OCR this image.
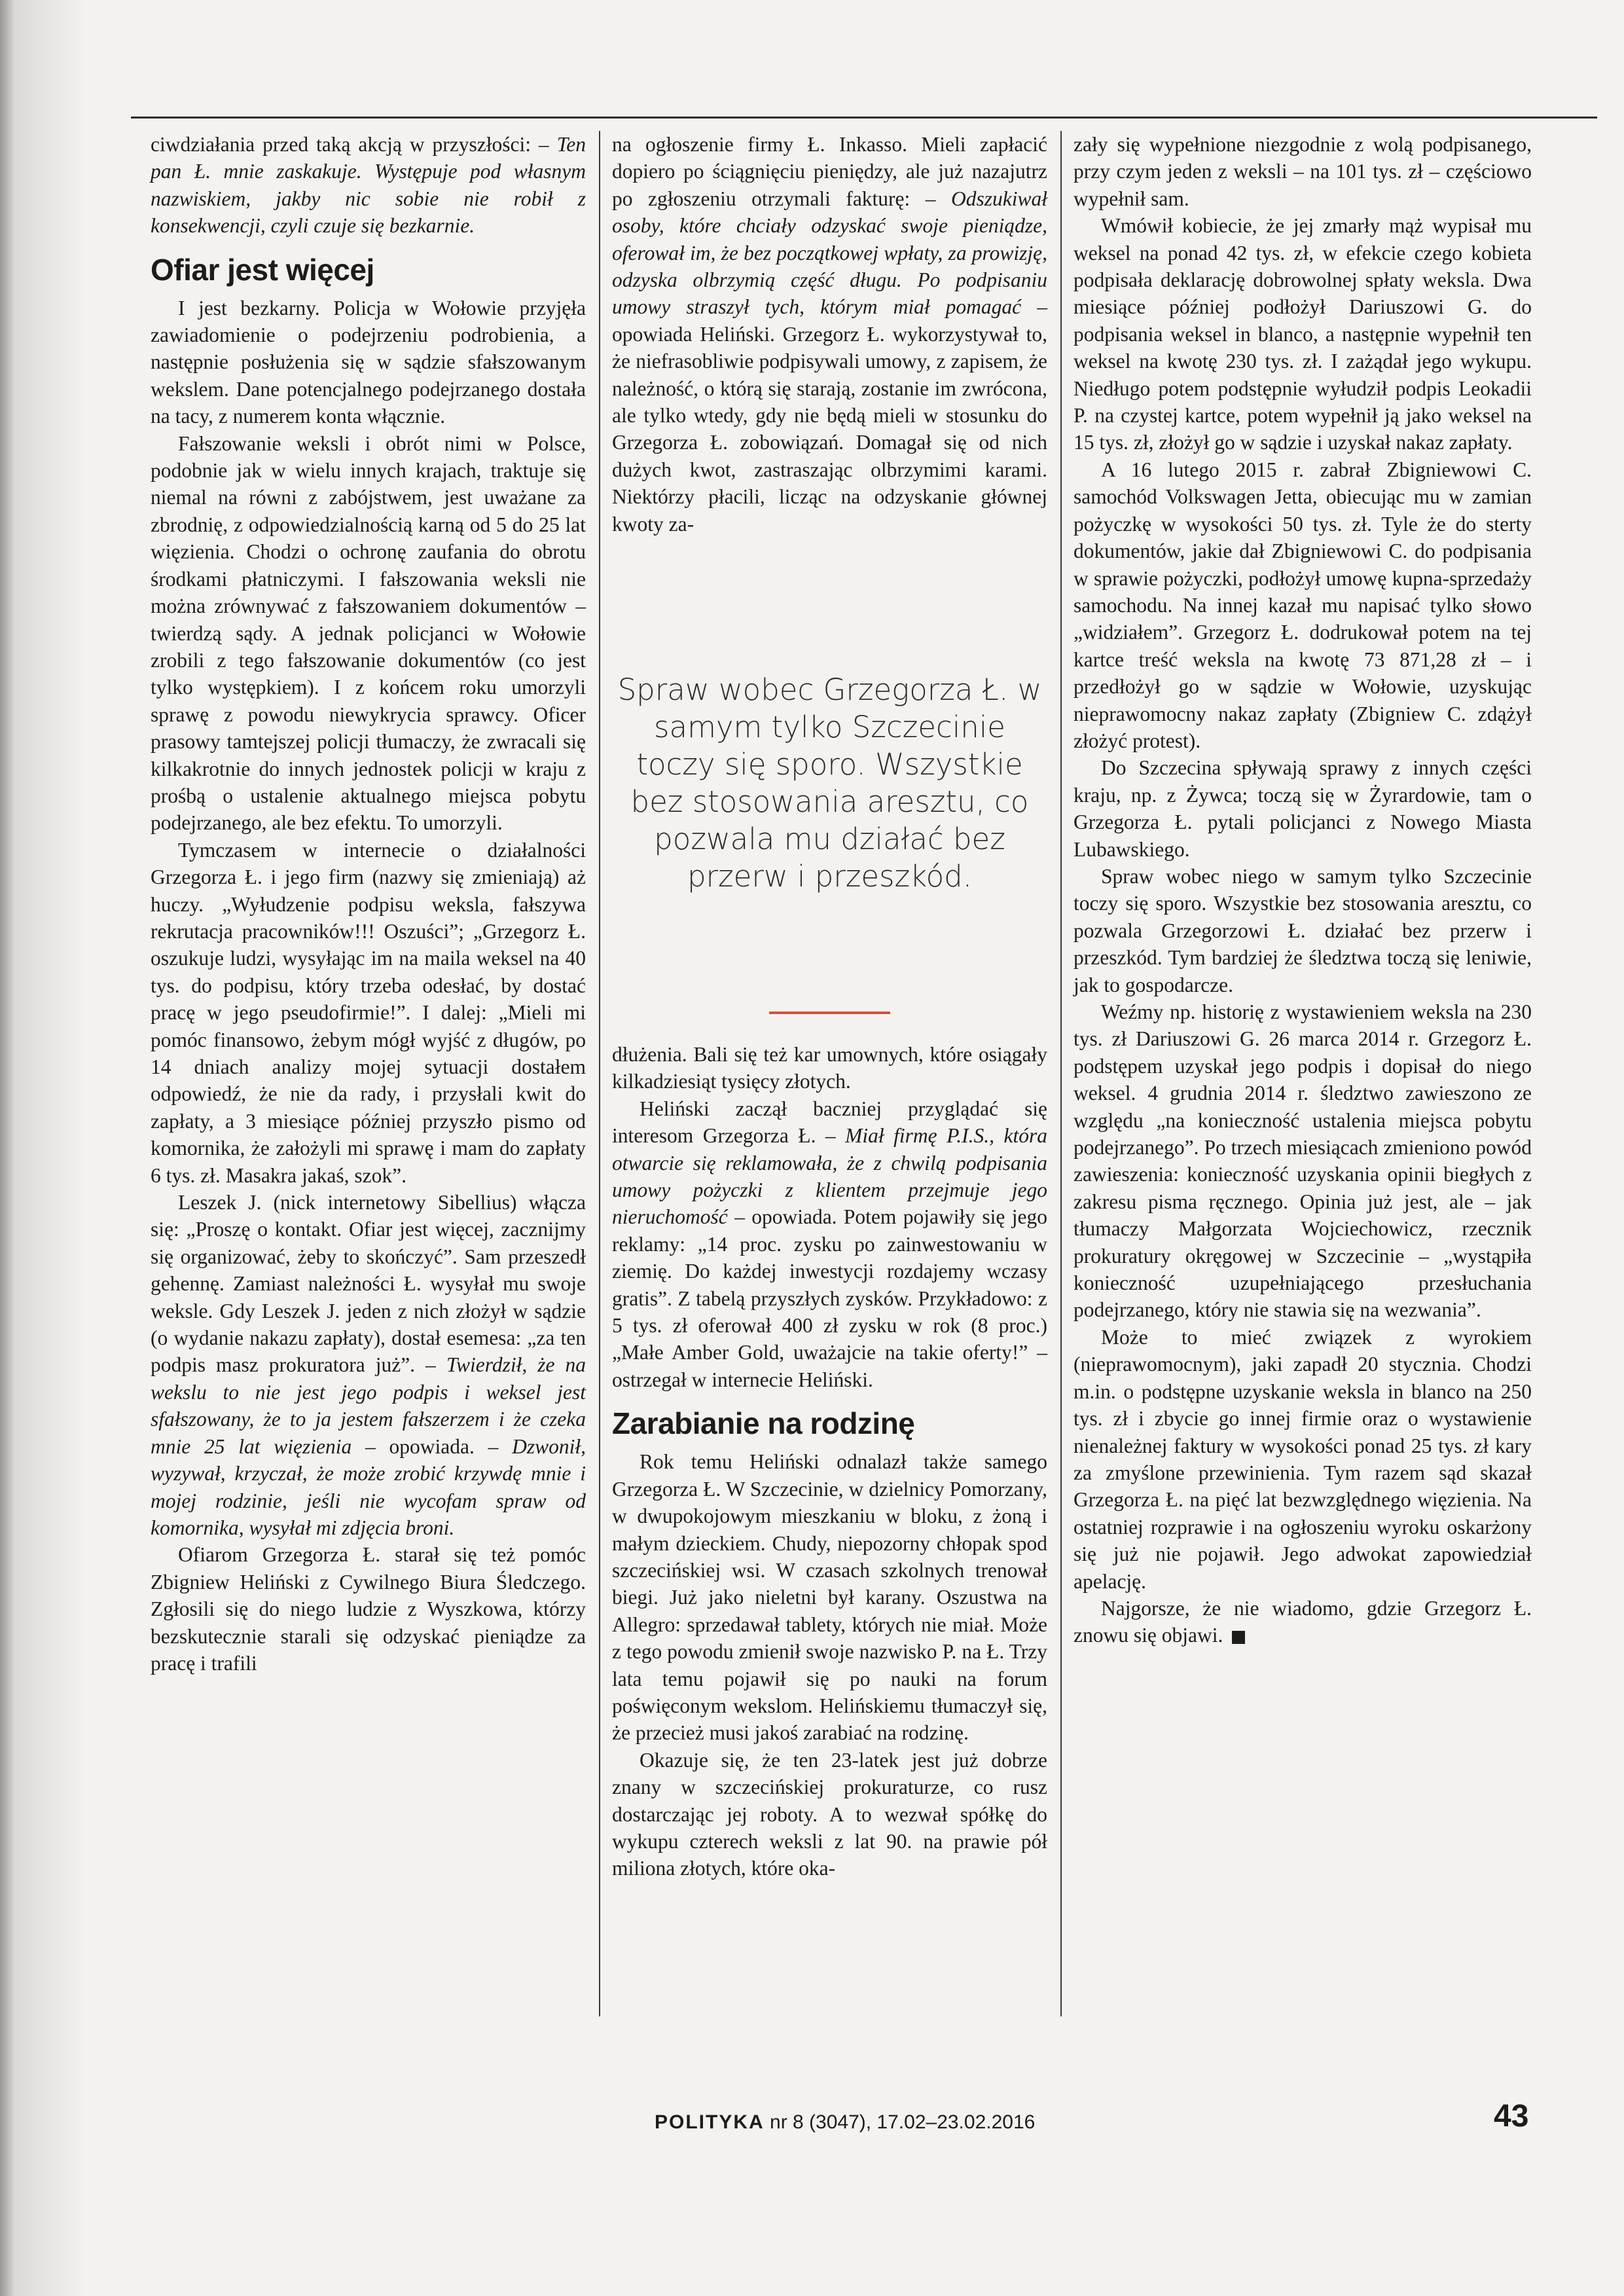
ciwdziałania przed taką akcją w przyszłości: – Ten pan Ł. mnie zaskakuje. Występuje pod własnym nazwiskiem, jakby nic sobie nie robił z konsekwencji, czyli czuje się bezkarnie.

Ofiar jest więcej

I jest bezkarny. Policja w Wołowie przyjęła zawiadomienie o podejrzeniu podrobienia, a następnie posłużenia się w sądzie sfałszowanym wekslem. Dane potencjalnego podejrzanego dostała na tacy, z numerem konta włącznie.

Fałszowanie weksli i obrót nimi w Polsce, podobnie jak w wielu innych krajach, traktuje się niemal na równi z zabójstwem, jest uważane za zbrodnię, z odpowiedzialnością karną od 5 do 25 lat więzienia. Chodzi o ochronę zaufania do obrotu środkami płatniczymi. I fałszowania weksli nie można zrównywać z fałszowaniem dokumentów – twierdzą sądy. A jednak policjanci w Wołowie zrobili z tego fałszowanie dokumentów (co jest tylko występkiem). I z końcem roku umorzyli sprawę z powodu niewykrycia sprawcy. Oficer prasowy tamtejszej policji tłumaczy, że zwracali się kilkakrotnie do innych jednostek policji w kraju z prośbą o ustalenie aktualnego miejsca pobytu podejrzanego, ale bez efektu. To umorzyli.

Tymczasem w internecie o działalności Grzegorza Ł. i jego firm (nazwy się zmieniają) aż huczy. „Wyłudzenie podpisu weksla, fałszywa rekrutacja pracowników!!! Oszuści”; „Grzegorz Ł. oszukuje ludzi, wysyłając im na maila weksel na 40 tys. do podpisu, który trzeba odesłać, by dostać pracę w jego pseudofirmie!”. I dalej: „Mieli mi pomóc finansowo, żebym mógł wyjść z długów, po 14 dniach analizy mojej sytuacji dostałem odpowiedź, że nie da rady, i przysłali kwit do zapłaty, a 3 miesiące później przyszło pismo od komornika, że założyli mi sprawę i mam do zapłaty 6 tys. zł. Masakra jakaś, szok”.

Leszek J. (nick internetowy Sibellius) włącza się: „Proszę o kontakt. Ofiar jest więcej, zacznijmy się organizować, żeby to skończyć”. Sam przeszedł gehennę. Zamiast należności Ł. wysyłał mu swoje weksle. Gdy Leszek J. jeden z nich złożył w sądzie (o wydanie nakazu zapłaty), dostał esemesa: „za ten podpis masz prokuratora już”. – Twierdził, że na wekslu to nie jest jego podpis i weksel jest sfałszowany, że to ja jestem fałszerzem i że czeka mnie 25 lat więzienia – opowiada. – Dzwonił, wyzywał, krzyczał, że może zrobić krzywdę mnie i mojej rodzinie, jeśli nie wycofam spraw od komornika, wysyłał mi zdjęcia broni.

Ofiarom Grzegorza Ł. starał się też pomóc Zbigniew Heliński z Cywilnego Biura Śledczego. Zgłosili się do niego ludzie z Wyszkowa, którzy bezskutecznie starali się odzyskać pieniądze za pracę i trafili

na ogłoszenie firmy Ł. Inkasso. Mieli zapłacić dopiero po ściągnięciu pieniędzy, ale już nazajutrz po zgłoszeniu otrzymali fakturę: – Odszukiwał osoby, które chciały odzyskać swoje pieniądze, oferował im, że bez początkowej wpłaty, za prowizję, odzyska olbrzymią część długu. Po podpisaniu umowy straszył tych, którym miał pomagać – opowiada Heliński. Grzegorz Ł. wykorzystywał to, że niefrasobliwie podpisywali umowy, z zapisem, że należność, o którą się starają, zostanie im zwrócona, ale tylko wtedy, gdy nie będą mieli w stosunku do Grzegorza Ł. zobowiązań. Domagał się od nich dużych kwot, zastraszając olbrzymimi karami. Niektórzy płacili, licząc na odzyskanie głównej kwoty za-

Spraw wobec Grzegorza Ł. w samym tylko Szczecinie toczy się sporo. Wszystkie bez stosowania aresztu, co pozwala mu działać bez przerw i przeszkód.

dłużenia. Bali się też kar umownych, które osiągały kilkadziesiąt tysięcy złotych.

Heliński zaczął baczniej przyglądać się interesom Grzegorza Ł. – Miał firmę P.I.S., która otwarcie się reklamowała, że z chwilą podpisania umowy pożyczki z klientem przejmuje jego nieruchomość – opowiada. Potem pojawiły się jego reklamy: „14 proc. zysku po zainwestowaniu w ziemię. Do każdej inwestycji rozdajemy wczasy gratis”. Z tabelą przyszłych zysków. Przykładowo: z 5 tys. zł oferował 400 zł zysku w rok (8 proc.) „Małe Amber Gold, uważajcie na takie oferty!” – ostrzegał w internecie Heliński.

Zarabianie na rodzinę

Rok temu Heliński odnalazł także samego Grzegorza Ł. W Szczecinie, w dzielnicy Pomorzany, w dwupokojowym mieszkaniu w bloku, z żoną i małym dzieckiem. Chudy, niepozorny chłopak spod szczecińskiej wsi. W czasach szkolnych trenował biegi. Już jako nieletni był karany. Oszustwa na Allegro: sprzedawał tablety, których nie miał. Może z tego powodu zmienił swoje nazwisko P. na Ł. Trzy lata temu pojawił się po nauki na forum poświęconym wekslom. Helińskiemu tłumaczył się, że przecież musi jakoś zarabiać na rodzinę.

Okazuje się, że ten 23-latek jest już dobrze znany w szczecińskiej prokuraturze, co rusz dostarczając jej roboty. A to wezwał spółkę do wykupu czterech weksli z lat 90. na prawie pół miliona złotych, które oka-

zały się wypełnione niezgodnie z wolą podpisanego, przy czym jeden z weksli – na 101 tys. zł – częściowo wypełnił sam.

Wmówił kobiecie, że jej zmarły mąż wypisał mu weksel na ponad 42 tys. zł, w efekcie czego kobieta podpisała deklarację dobrowolnej spłaty weksla. Dwa miesiące później podłożył Dariuszowi G. do podpisania weksel in blanco, a następnie wypełnił ten weksel na kwotę 230 tys. zł. I zażądał jego wykupu. Niedługo potem podstępnie wyłudził podpis Leokadii P. na czystej kartce, potem wypełnił ją jako weksel na 15 tys. zł, złożył go w sądzie i uzyskał nakaz zapłaty.

A 16 lutego 2015 r. zabrał Zbigniewowi C. samochód Volkswagen Jetta, obiecując mu w zamian pożyczkę w wysokości 50 tys. zł. Tyle że do sterty dokumentów, jakie dał Zbigniewowi C. do podpisania w sprawie pożyczki, podłożył umowę kupna-sprzedaży samochodu. Na innej kazał mu napisać tylko słowo „widziałem”. Grzegorz Ł. dodrukował potem na tej kartce treść weksla na kwotę 73 871,28 zł – i przedłożył go w sądzie w Wołowie, uzyskując nieprawomocny nakaz zapłaty (Zbigniew C. zdążył złożyć protest).

Do Szczecina spływają sprawy z innych części kraju, np. z Żywca; toczą się w Żyrardowie, tam o Grzegorza Ł. pytali policjanci z Nowego Miasta Lubawskiego.

Spraw wobec niego w samym tylko Szczecinie toczy się sporo. Wszystkie bez stosowania aresztu, co pozwala Grzegorzowi Ł. działać bez przerw i przeszkód. Tym bardziej że śledztwa toczą się leniwie, jak to gospodarcze.

Weźmy np. historię z wystawieniem weksla na 230 tys. zł Dariuszowi G. 26 marca 2014 r. Grzegorz Ł. podstępem uzyskał jego podpis i dopisał do niego weksel. 4 grudnia 2014 r. śledztwo zawieszono ze względu „na konieczność ustalenia miejsca pobytu podejrzanego”. Po trzech miesiącach zmieniono powód zawieszenia: konieczność uzyskania opinii biegłych z zakresu pisma ręcznego. Opinia już jest, ale – jak tłumaczy Małgorzata Wojciechowicz, rzecznik prokuratury okręgowej w Szczecinie – „wystąpiła konieczność uzupełniającego przesłuchania podejrzanego, który nie stawia się na wezwania”.

Może to mieć związek z wyrokiem (nieprawomocnym), jaki zapadł 20 stycznia. Chodzi m.in. o podstępne uzyskanie weksla in blanco na 250 tys. zł i zbycie go innej firmie oraz o wystawienie nienależnej faktury w wysokości ponad 25 tys. zł kary za zmyślone przewinienia. Tym razem sąd skazał Grzegorza Ł. na pięć lat bezwzględnego więzienia. Na ostatniej rozprawie i na ogłoszeniu wyroku oskarżony się już nie pojawił. Jego adwokat zapowiedział apelację.

Najgorsze, że nie wiadomo, gdzie Grzegorz Ł. znowu się objawi.

POLITYKA nr 8 (3047), 17.02–23.02.2016	43
